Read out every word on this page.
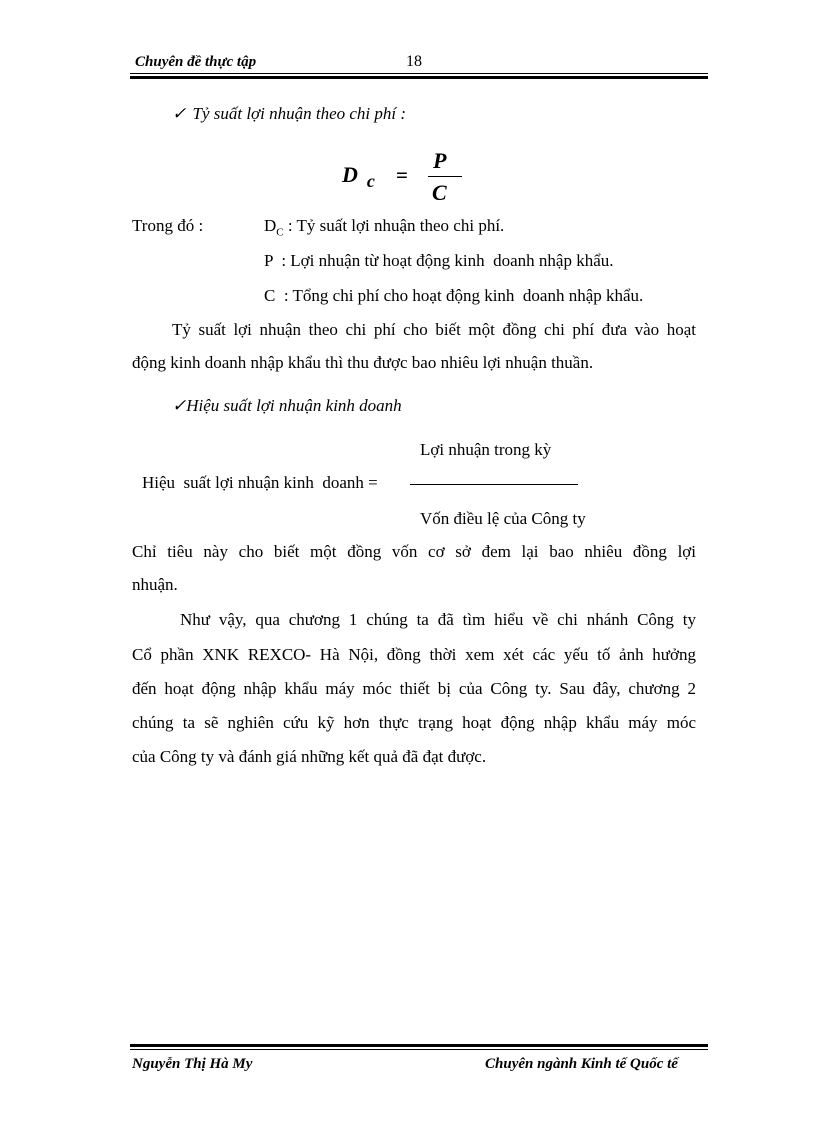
Chuyên đề thực tập	18
✓ Tỷ suất lợi nhuận theo chi phí :
D $_c$ =
P
C
Trong đó :	$D_C$ : Tỷ suất lợi nhuận theo chi phí.
P  : Lợi nhuận từ hoạt động kinh  doanh nhập khẩu.
C  : Tổng chi phí cho hoạt động kinh  doanh nhập khẩu.
Tỷ suất lợi nhuận theo chi phí cho biết một đồng chi phí đưa vào hoạt
động kinh doanh nhập khẩu thì thu được bao nhiêu lợi nhuận thuần.
✓Hiệu suất lợi nhuận kinh doanh
Lợi nhuận trong kỳ
Hiệu  suất lợi nhuận kinh  doanh =
Vốn điều lệ của Công ty
Chỉ tiêu này cho biết một đồng vốn cơ sở đem lại bao nhiêu đồng lợi
nhuận.
Như vậy, qua chương 1 chúng ta đã tìm hiểu về chi nhánh Công ty
Cổ phần XNK REXCO- Hà Nội, đồng thời xem xét các yếu tố ảnh hưởng
đến hoạt động nhập khẩu máy móc thiết bị của Công ty. Sau đây, chương 2
chúng ta sẽ nghiên cứu kỹ hơn thực trạng hoạt động nhập khẩu máy móc
của Công ty và đánh giá những kết quả đã đạt được.
Nguyễn Thị Hà My	Chuyên ngành Kinh tế Quốc tế
